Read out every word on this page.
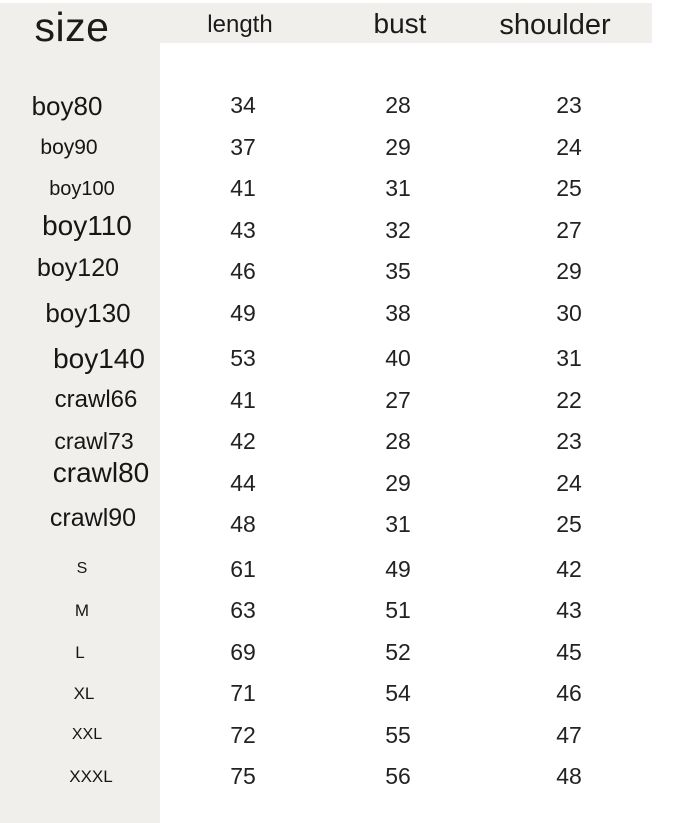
size	length	bust	shoulder
boy80	34	28	23
boy90	37	29	24
boy100	41	31	25
boy110	43	32	27
boy120	46	35	29
boy130	49	38	30
boy140	53	40	31
crawl66	41	27	22
crawl73	42	28	23
crawl80	44	29	24
crawl90	48	31	25
S	61	49	42
M	63	51	43
L	69	52	45
XL	71	54	46
XXL	72	55	47
XXXL	75	56	48
